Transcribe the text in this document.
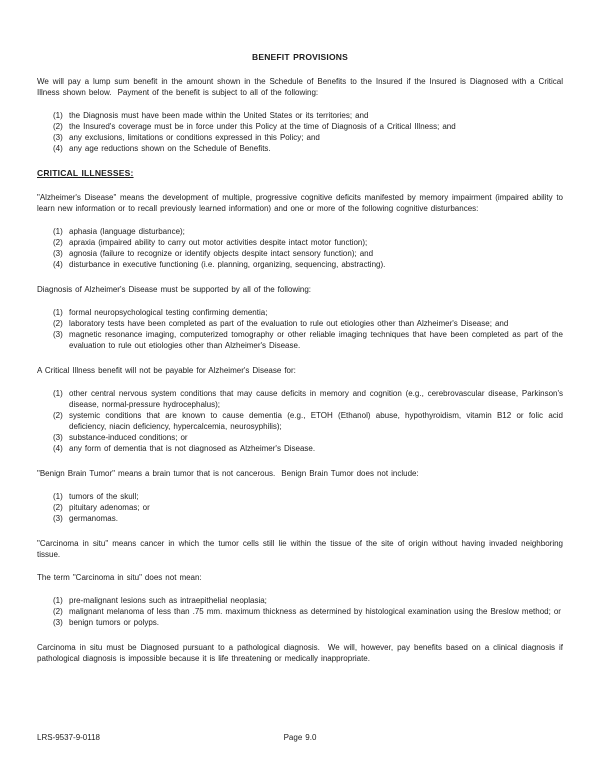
BENEFIT PROVISIONS

We will pay a lump sum benefit in the amount shown in the Schedule of Benefits to the Insured if the Insured is Diagnosed with a Critical Illness shown below.  Payment of the benefit is subject to all of the following:

(1) the Diagnosis must have been made within the United States or its territories; and
(2) the Insured's coverage must be in force under this Policy at the time of Diagnosis of a Critical Illness; and
(3) any exclusions, limitations or conditions expressed in this Policy; and
(4) any age reductions shown on the Schedule of Benefits.
CRITICAL ILLNESSES:

"Alzheimer's Disease" means the development of multiple, progressive cognitive deficits manifested by memory impairment (impaired ability to learn new information or to recall previously learned information) and one or more of the following cognitive disturbances:

(1) aphasia (language disturbance);
(2) apraxia (impaired ability to carry out motor activities despite intact motor function);
(3) agnosia (failure to recognize or identify objects despite intact sensory function); and
(4) disturbance in executive functioning (i.e. planning, organizing, sequencing, abstracting).

Diagnosis of Alzheimer's Disease must be supported by all of the following:

(1) formal neuropsychological testing confirming dementia;
(2) laboratory tests have been completed as part of the evaluation to rule out etiologies other than Alzheimer's Disease; and
(3) magnetic resonance imaging, computerized tomography or other reliable imaging techniques that have been completed as part of the evaluation to rule out etiologies other than Alzheimer's Disease.

A Critical Illness benefit will not be payable for Alzheimer's Disease for:

(1) other central nervous system conditions that may cause deficits in memory and cognition (e.g., cerebrovascular disease, Parkinson's disease, normal-pressure hydrocephalus);
(2) systemic conditions that are known to cause dementia (e.g., ETOH (Ethanol) abuse, hypothyroidism, vitamin B12 or folic acid deficiency, niacin deficiency, hypercalcemia, neurosyphilis);
(3) substance-induced conditions; or
(4) any form of dementia that is not diagnosed as Alzheimer's Disease.

"Benign Brain Tumor" means a brain tumor that is not cancerous.  Benign Brain Tumor does not include:

(1) tumors of the skull;
(2) pituitary adenomas; or
(3) germanomas.

"Carcinoma in situ" means cancer in which the tumor cells still lie within the tissue of the site of origin without having invaded neighboring tissue.

The term "Carcinoma in situ" does not mean:

(1) pre-malignant lesions such as intraepithelial neoplasia;
(2) malignant melanoma of less than .75 mm. maximum thickness as determined by histological examination using the Breslow method; or
(3) benign tumors or polyps.

Carcinoma in situ must be Diagnosed pursuant to a pathological diagnosis.  We will, however, pay benefits based on a clinical diagnosis if pathological diagnosis is impossible because it is life threatening or medically inappropriate.

LRS-9537-9-0118	Page 9.0
